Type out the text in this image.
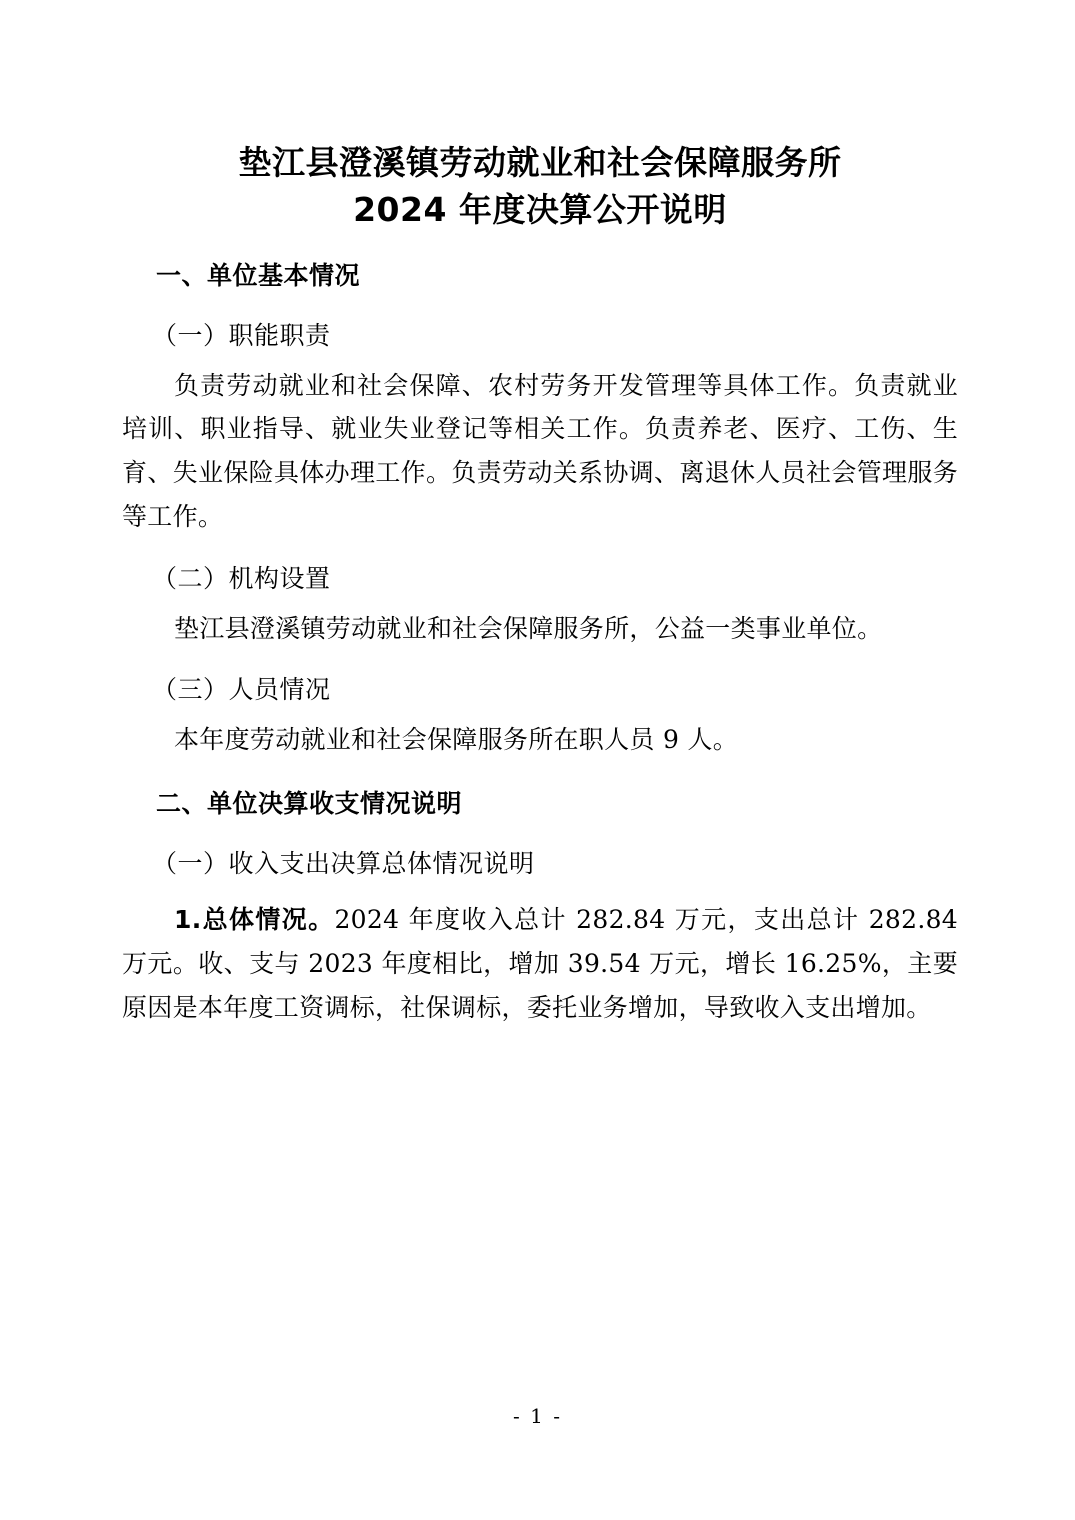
垫江县澄溪镇劳动就业和社会保障服务所
2024 年度决算公开说明
一、单位基本情况
（一）职能职责

负责劳动就业和社会保障、农村劳务开发管理等具体工作。负责就业培训、职业指导、就业失业登记等相关工作。负责养老、医疗、工伤、生育、失业保险具体办理工作。负责劳动关系协调、离退休人员社会管理服务等工作。

（二）机构设置

垫江县澄溪镇劳动就业和社会保障服务所，公益一类事业单位。

（三）人员情况

本年度劳动就业和社会保障服务所在职人员 9 人。

二、单位决算收支情况说明
（一）收入支出决算总体情况说明

1.总体情况。2024 年度收入总计 282.84 万元，支出总计 282.84 万元。收、支与 2023 年度相比，增加 39.54 万元，增长 16.25%，主要原因是本年度工资调标，社保调标，委托业务增加，导致收入支出增加。

- 1 -
